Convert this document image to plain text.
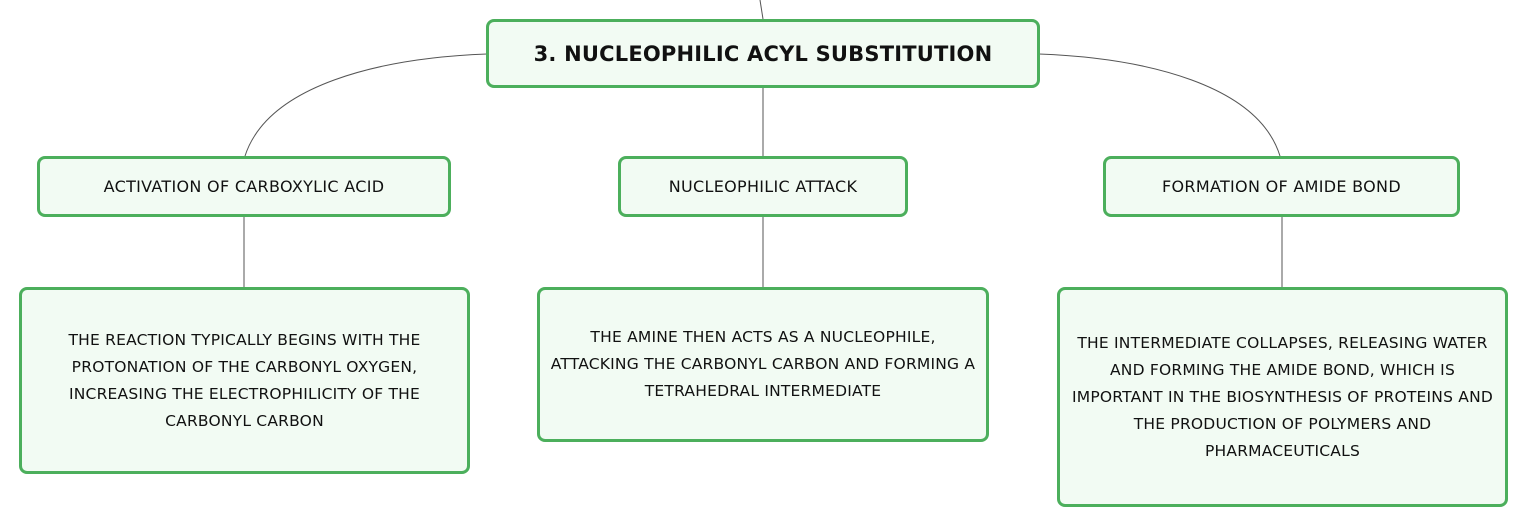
3. NUCLEOPHILIC ACYL SUBSTITUTION
ACTIVATION OF CARBOXYLIC ACID	NUCLEOPHILIC ATTACK	FORMATION OF AMIDE BOND
THE REACTION TYPICALLY BEGINS WITH THE PROTONATION OF THE CARBONYL OXYGEN, INCREASING THE ELECTROPHILICITY OF THE CARBONYL CARBON
THE AMINE THEN ACTS AS A NUCLEOPHILE, ATTACKING THE CARBONYL CARBON AND FORMING A TETRAHEDRAL INTERMEDIATE
THE INTERMEDIATE COLLAPSES, RELEASING WATER AND FORMING THE AMIDE BOND, WHICH IS IMPORTANT IN THE BIOSYNTHESIS OF PROTEINS AND THE PRODUCTION OF POLYMERS AND PHARMACEUTICALS
